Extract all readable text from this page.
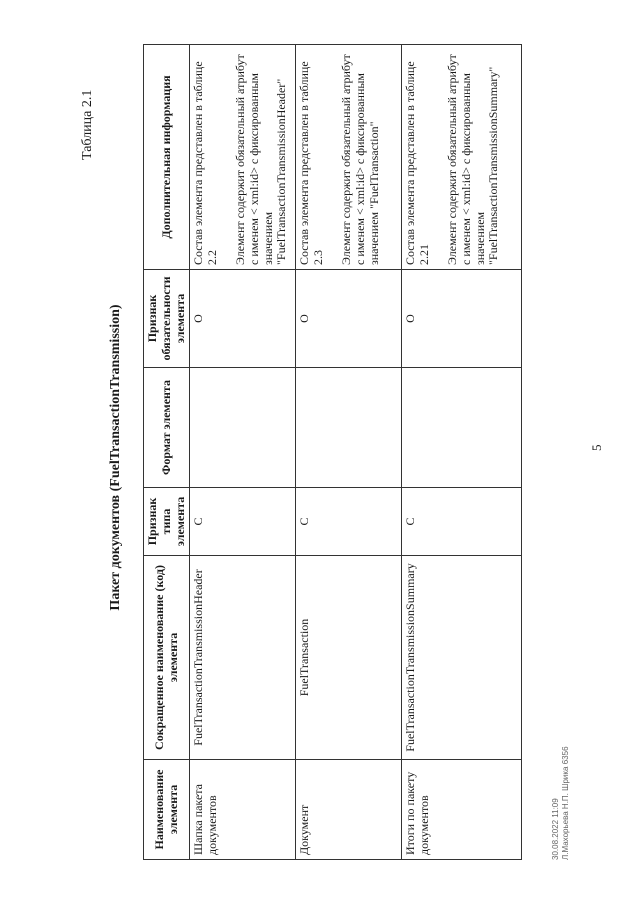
5
Таблица 2.1
Пакет документов (FuelTransactionTransmission)
Наименование элемента	Сокращенное наименование (код) элемента	Признак типа элемента	Формат элемента	Признак обязательности элемента	Дополнительная информация
Шапка пакета документов	FuelTransactionTransmissionHeader	С		О	Состав элемента представлен в таблице 2.2 Элемент содержит обязательный атрибут с именем < xml:id> с фиксированным значением "FuelTransactionTransmissionHeader"
Документ	FuelTransaction	С		О	Состав элемента представлен в таблице 2.3 Элемент содержит обязательный атрибут с именем < xml:id> с фиксированным значением "FuelTransaction"
Итоги по пакету документов	FuelTransactionTransmissionSummary	С		О	Состав элемента представлен в таблице 2.21 Элемент содержит обязательный атрибут с именем < xml:id> с фиксированным значением "FuelTransactionTransmissionSummary"
30.08.2022 11:09 Л.Махорьева Н.П. Шрика 6356
